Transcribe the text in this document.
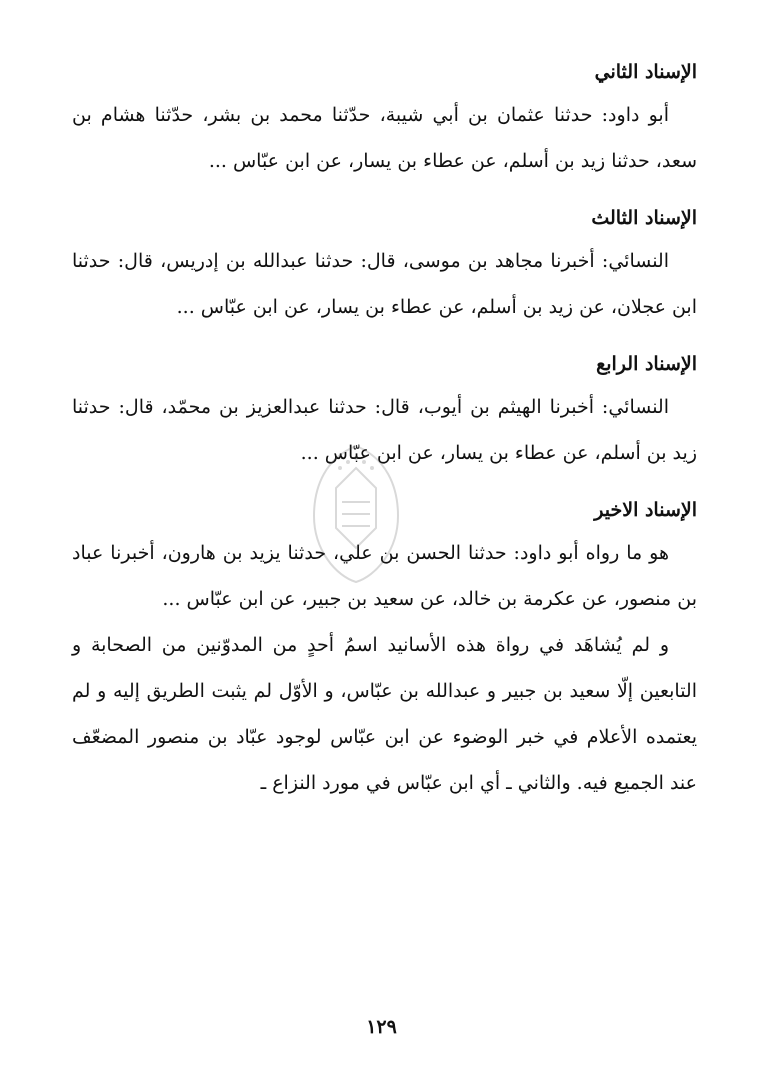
الإسناد الثاني

أبو داود: حدثنا عثمان بن أبي شيبة، حدّثنا محمد بن بشر، حدّثنا هشام بن سعد، حدثنا زيد بن أسلم، عن عطاء بن يسار، عن ابن عبّاس ...

الإسناد الثالث

النسائي: أخبرنا مجاهد بن موسى، قال: حدثنا عبدالله بن إدريس، قال: حدثنا ابن عجلان، عن زيد بن أسلم، عن عطاء بن يسار، عن ابن عبّاس ...

الإسناد الرابع

النسائي: أخبرنا الهيثم بن أيوب، قال: حدثنا عبدالعزيز بن محمّد، قال: حدثنا زيد بن أسلم، عن عطاء بن يسار، عن ابن عبّاس ...

الإسناد الاخير

هو ما رواه أبو داود: حدثنا الحسن بن علي، حدثنا يزيد بن هارون، أخبرنا عباد بن منصور، عن عكرمة بن خالد، عن سعيد بن جبير، عن ابن عبّاس ...

و لم يُشاهَد في رواة هذه الأسانيد اسمُ أحدٍ من المدوّنين من الصحابة و التابعين إلّا سعيد بن جبير و عبدالله بن عبّاس، و الأوّل لم يثبت الطريق إليه و لم يعتمده الأعلام في خبر الوضوء عن ابن عبّاس لوجود عبّاد بن منصور المضعّف عند الجميع فيه. والثاني ـ أي ابن عبّاس في مورد النزاع ـ

١٢٩
